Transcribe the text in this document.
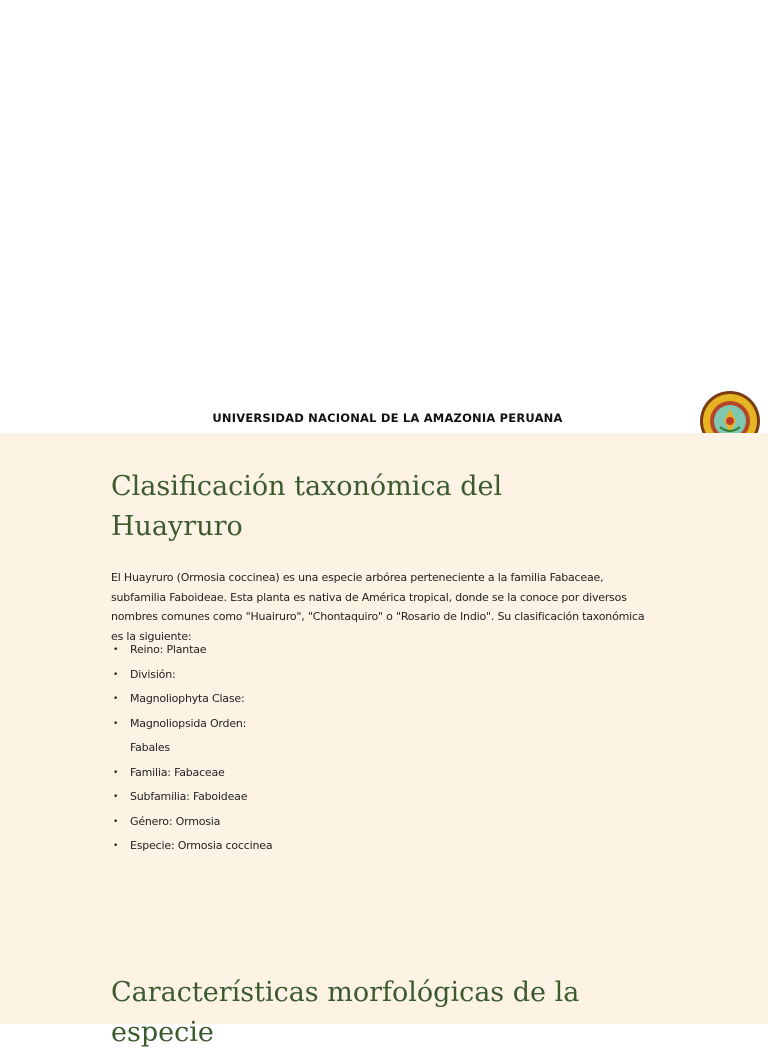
UNIVERSIDAD NACIONAL DE LA AMAZONIA PERUANA
Clasificación taxonómica del Huayruro

El Huayruro (Ormosia coccinea) es una especie arbórea perteneciente a la familia Fabaceae, subfamilia Faboideae. Esta planta es nativa de América tropical, donde se la conoce por diversos nombres comunes como "Huairuro", "Chontaquiro" o "Rosario de Indio". Su clasificación taxonómica es la siguiente:

• Reino: Plantae
• División:
• Magnoliophyta Clase:
• Magnoliopsida Orden:
Fabales
• Familia: Fabaceae
• Subfamilia: Faboideae
• Género: Ormosia
• Especie: Ormosia coccinea
Características morfológicas de la especie
